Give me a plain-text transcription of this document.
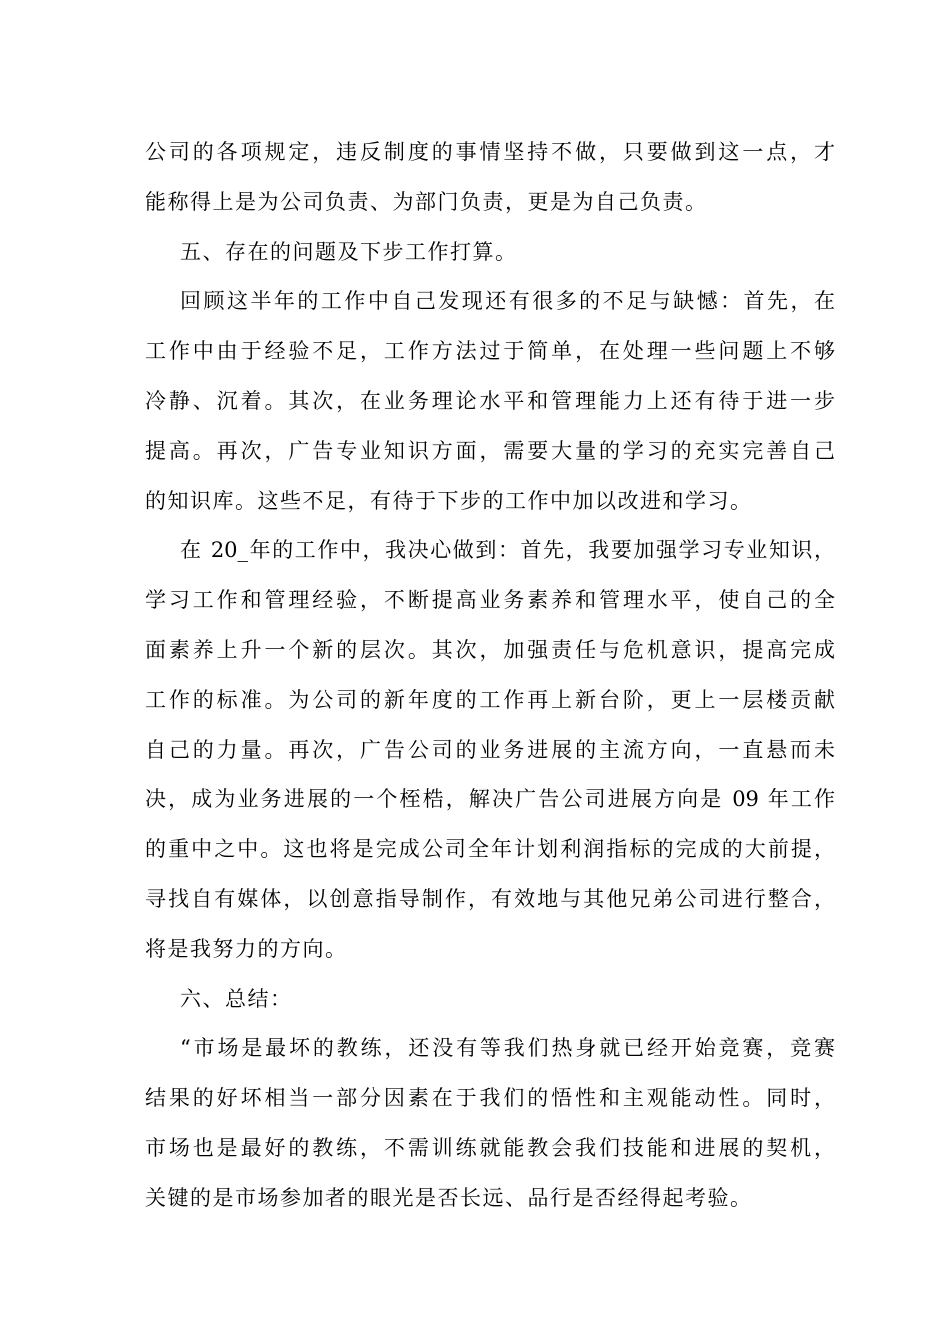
公司的各项规定，违反制度的事情坚持不做，只要做到这一点，才
能称得上是为公司负责、为部门负责，更是为自己负责。
五、存在的问题及下步工作打算。
回顾这半年的工作中自己发现还有很多的不足与缺憾：首先，在
工作中由于经验不足，工作方法过于简单，在处理一些问题上不够
冷静、沉着。其次，在业务理论水平和管理能力上还有待于进一步
提高。再次，广告专业知识方面，需要大量的学习的充实完善自己
的知识库。这些不足，有待于下步的工作中加以改进和学习。
在 20_年的工作中，我决心做到：首先，我要加强学习专业知识，
学习工作和管理经验，不断提高业务素养和管理水平，使自己的全
面素养上升一个新的层次。其次，加强责任与危机意识，提高完成
工作的标准。为公司的新年度的工作再上新台阶，更上一层楼贡献
自己的力量。再次，广告公司的业务进展的主流方向，一直悬而未
决，成为业务进展的一个桎梏，解决广告公司进展方向是 09 年工作
的重中之中。这也将是完成公司全年计划利润指标的完成的大前提，
寻找自有媒体，以创意指导制作，有效地与其他兄弟公司进行整合，
将是我努力的方向。
六、总结：
“市场是最坏的教练，还没有等我们热身就已经开始竞赛，竞赛
结果的好坏相当一部分因素在于我们的悟性和主观能动性。同时，
市场也是最好的教练，不需训练就能教会我们技能和进展的契机，
关键的是市场参加者的眼光是否长远、品行是否经得起考验。
